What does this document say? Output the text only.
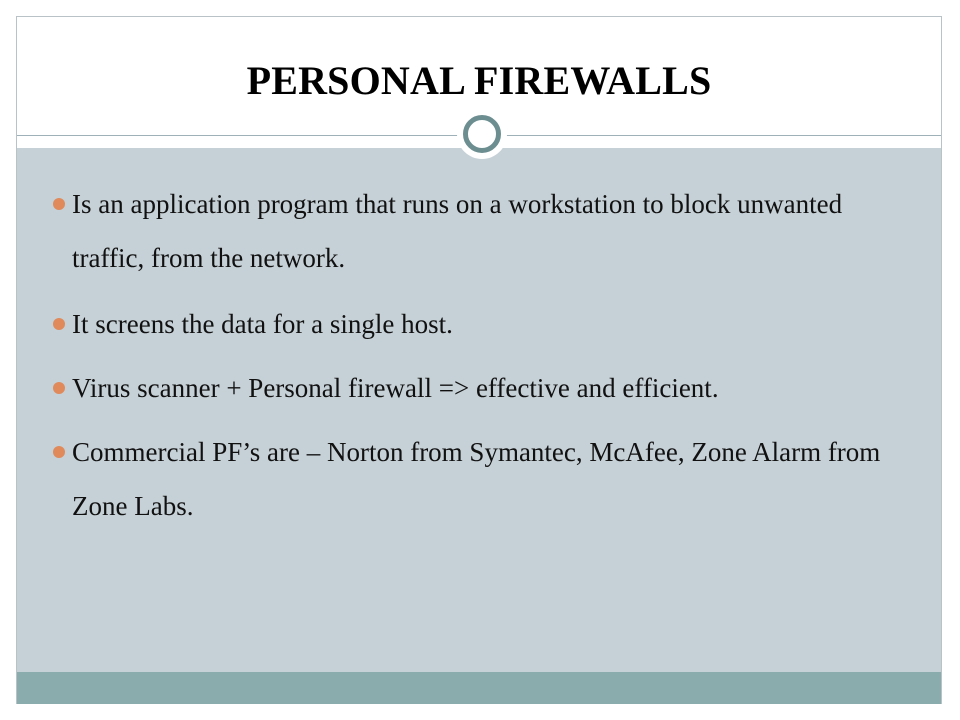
PERSONAL FIREWALLS
Is an application program that runs on a workstation to block unwanted traffic, from the network.
It screens the data for a single host.
Virus scanner + Personal firewall => effective and efficient.
Commercial PF’s are – Norton from Symantec, McAfee, Zone Alarm from Zone Labs.
